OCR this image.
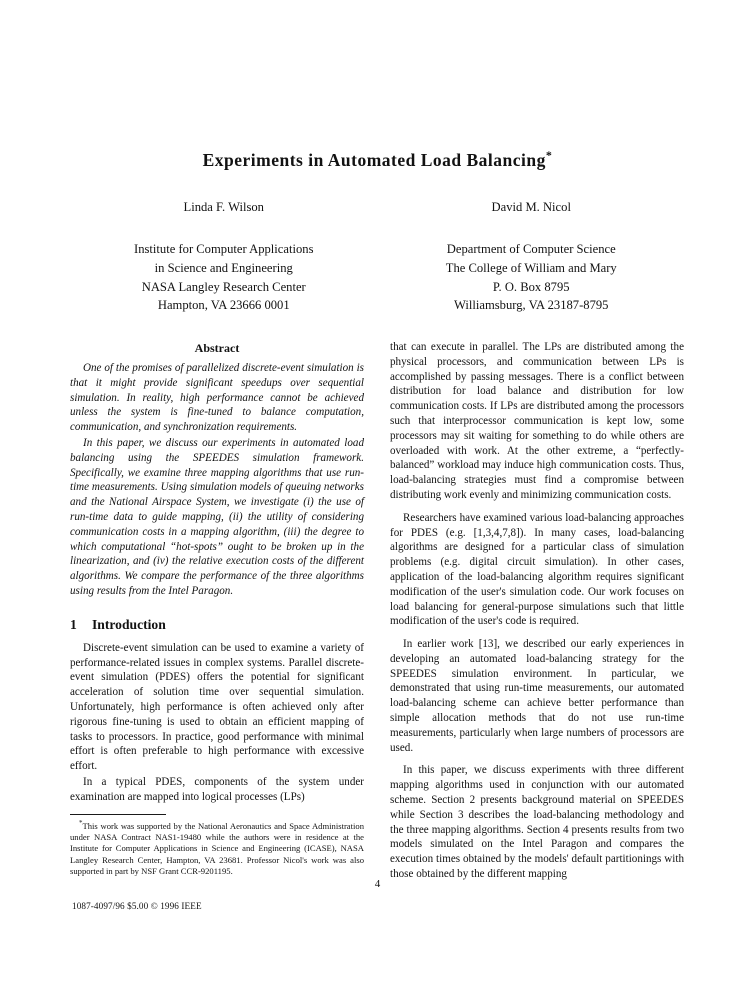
Experiments in Automated Load Balancing*
Linda F. Wilson
Institute for Computer Applications
in Science and Engineering
NASA Langley Research Center
Hampton, VA 23666 0001
David M. Nicol
Department of Computer Science
The College of William and Mary
P. O. Box 8795
Williamsburg, VA 23187-8795
Abstract

One of the promises of parallelized discrete-event simulation is that it might provide significant speedups over sequential simulation. In reality, high performance cannot be achieved unless the system is fine-tuned to balance computation, communication, and synchronization requirements.

In this paper, we discuss our experiments in automated load balancing using the SPEEDES simulation framework. Specifically, we examine three mapping algorithms that use run-time measurements. Using simulation models of queuing networks and the National Airspace System, we investigate (i) the use of run-time data to guide mapping, (ii) the utility of considering communication costs in a mapping algorithm, (iii) the degree to which computational “hot-spots” ought to be broken up in the linearization, and (iv) the relative execution costs of the different algorithms. We compare the performance of the three algorithms using results from the Intel Paragon.

1 Introduction

Discrete-event simulation can be used to examine a variety of performance-related issues in complex systems. Parallel discrete-event simulation (PDES) offers the potential for significant acceleration of solution time over sequential simulation. Unfortunately, high performance is often achieved only after rigorous fine-tuning is used to obtain an efficient mapping of tasks to processors. In practice, good performance with minimal effort is often preferable to high performance with excessive effort.

In a typical PDES, components of the system under examination are mapped into logical processes (LPs)

*This work was supported by the National Aeronautics and Space Administration under NASA Contract NAS1-19480 while the authors were in residence at the Institute for Computer Applications in Science and Engineering (ICASE), NASA Langley Research Center, Hampton, VA 23681. Professor Nicol's work was also supported in part by NSF Grant CCR-9201195.

that can execute in parallel. The LPs are distributed among the physical processors, and communication between LPs is accomplished by passing messages. There is a conflict between distribution for load balance and distribution for low communication costs. If LPs are distributed among the processors such that interprocessor communication is kept low, some processors may sit waiting for something to do while others are overloaded with work. At the other extreme, a “perfectly-balanced” workload may induce high communication costs. Thus, load-balancing strategies must find a compromise between distributing work evenly and minimizing communication costs.

Researchers have examined various load-balancing approaches for PDES (e.g. [1,3,4,7,8]). In many cases, load-balancing algorithms are designed for a particular class of simulation problems (e.g. digital circuit simulation). In other cases, application of the load-balancing algorithm requires significant modification of the user's simulation code. Our work focuses on load balancing for general-purpose simulations such that little modification of the user's code is required.

In earlier work [13], we described our early experiences in developing an automated load-balancing strategy for the SPEEDES simulation environment. In particular, we demonstrated that using run-time measurements, our automated load-balancing scheme can achieve better performance than simple allocation methods that do not use run-time measurements, particularly when large numbers of processors are used.

In this paper, we discuss experiments with three different mapping algorithms used in conjunction with our automated scheme. Section 2 presents background material on SPEEDES while Section 3 describes the load-balancing methodology and the three mapping algorithms. Section 4 presents results from two models simulated on the Intel Paragon and compares the execution times obtained by the models' default partitionings with those obtained by the different mapping

4
1087-4097/96 $5.00 © 1996 IEEE
